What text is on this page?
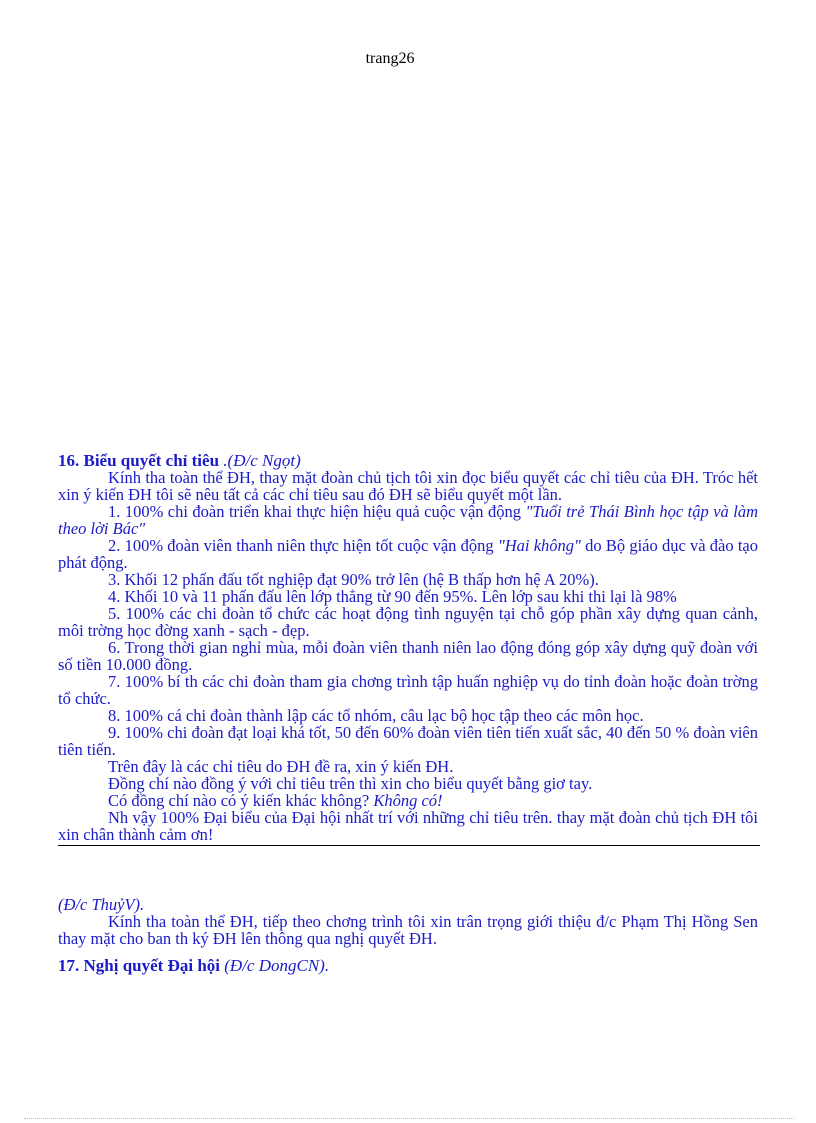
trang26

16. Biểu quyết chỉ tiêu .(Đ/c Ngọt)

Kính tha toàn thể ĐH, thay mặt đoàn chủ tịch tôi xin đọc biểu quyết các chỉ tiêu của ĐH. Tróc hết xin ý kiến ĐH tôi sẽ nêu tất cả các chỉ tiêu sau đó ĐH sẽ biểu quyết một lần.

1. 100% chi đoàn triển khai thực hiện hiệu quả cuộc vận động "Tuổi trẻ Thái Bình học tập và làm theo lời Bác"

2. 100% đoàn viên thanh niên thực hiện tốt cuộc vận động "Hai không" do Bộ giáo dục và đào tạo phát động.

3. Khối 12 phấn đấu tốt nghiệp đạt 90% trở lên (hệ B thấp hơn hệ A 20%).

4. Khối 10 và 11 phấn đấu lên lớp thẳng từ 90 đến 95%. Lên lớp sau khi thi lại là 98%

5. 100% các chi đoàn tổ chức các hoạt động tình nguyện tại chỗ góp phần xây dựng quan cảnh, môi trờng học đờng xanh - sạch - đẹp.

6. Trong thời gian nghỉ mùa, mỗi đoàn viên thanh niên lao động đóng góp xây dựng quỹ đoàn với số tiền 10.000 đồng.

7. 100% bí th các chi đoàn tham gia chơng trình tập huấn nghiệp vụ do tỉnh đoàn hoặc đoàn trờng tổ chức.

8. 100% cá chi đoàn thành lập các tổ nhóm, câu lạc bộ học tập theo các môn học.

9. 100% chi đoàn đạt loại khá tốt, 50 đến 60% đoàn viên tiên tiến xuất sắc, 40 đến 50 % đoàn viên tiên tiến.

Trên đây là các chỉ tiêu do ĐH đề ra, xin ý kiến ĐH.

Đồng chí nào đồng ý với chỉ tiêu trên thì xin cho biểu quyết bằng giơ tay.

Có đồng chí nào có ý kiến khác không? Không có!

Nh vậy 100% Đại biểu của Đại hội nhất trí với những chỉ tiêu trên. thay mặt đoàn chủ tịch ĐH tôi xin chân thành cảm ơn!

(Đ/c ThuỷV).

Kính tha toàn thể ĐH, tiếp theo chơng trình tôi xin trân trọng giới thiệu đ/c Phạm Thị Hồng Sen thay mặt cho ban th ký ĐH lên thông qua nghị quyết ĐH.

17. Nghị quyết Đại hội (Đ/c DongCN).
